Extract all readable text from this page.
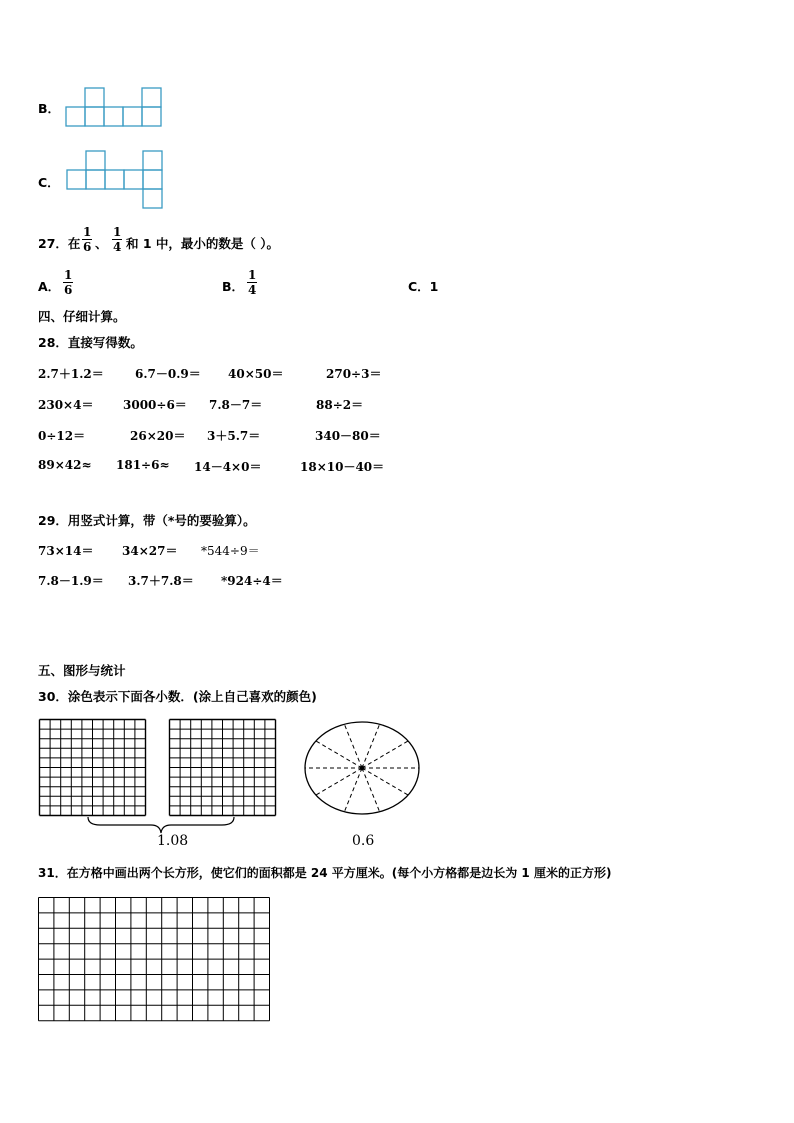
B．
C．
27．在 $\frac{1}{6}$ 、 $\frac{1}{4}$ 和 1 中，最小的数是（ ）。
A． $\frac{1}{6}$	B． $\frac{1}{4}$	C．1
四、仔细计算。
28．直接写得数。
2.7＋1.2＝	6.7－0.9＝ 40×50＝	270÷3＝
230×4＝ 3000÷6＝ 7.8－7＝	88÷2＝
0÷12＝	26×20＝ 3＋5.7＝	340－80＝
89×42≈ 181÷6≈ 14－4×0＝	18×10－40＝
29．用竖式计算，带（*号的要验算）。
73×14＝ 34×27＝ *544÷9＝
7.8－1.9＝ 3.7＋7.8＝ *924÷4＝
五、图形与统计
30．涂色表示下面各小数．(涂上自己喜欢的颜色)
1.08	0.6
31．在方格中画出两个长方形，使它们的面积都是 24 平方厘米。(每个小方格都是边长为 1 厘米的正方形)
